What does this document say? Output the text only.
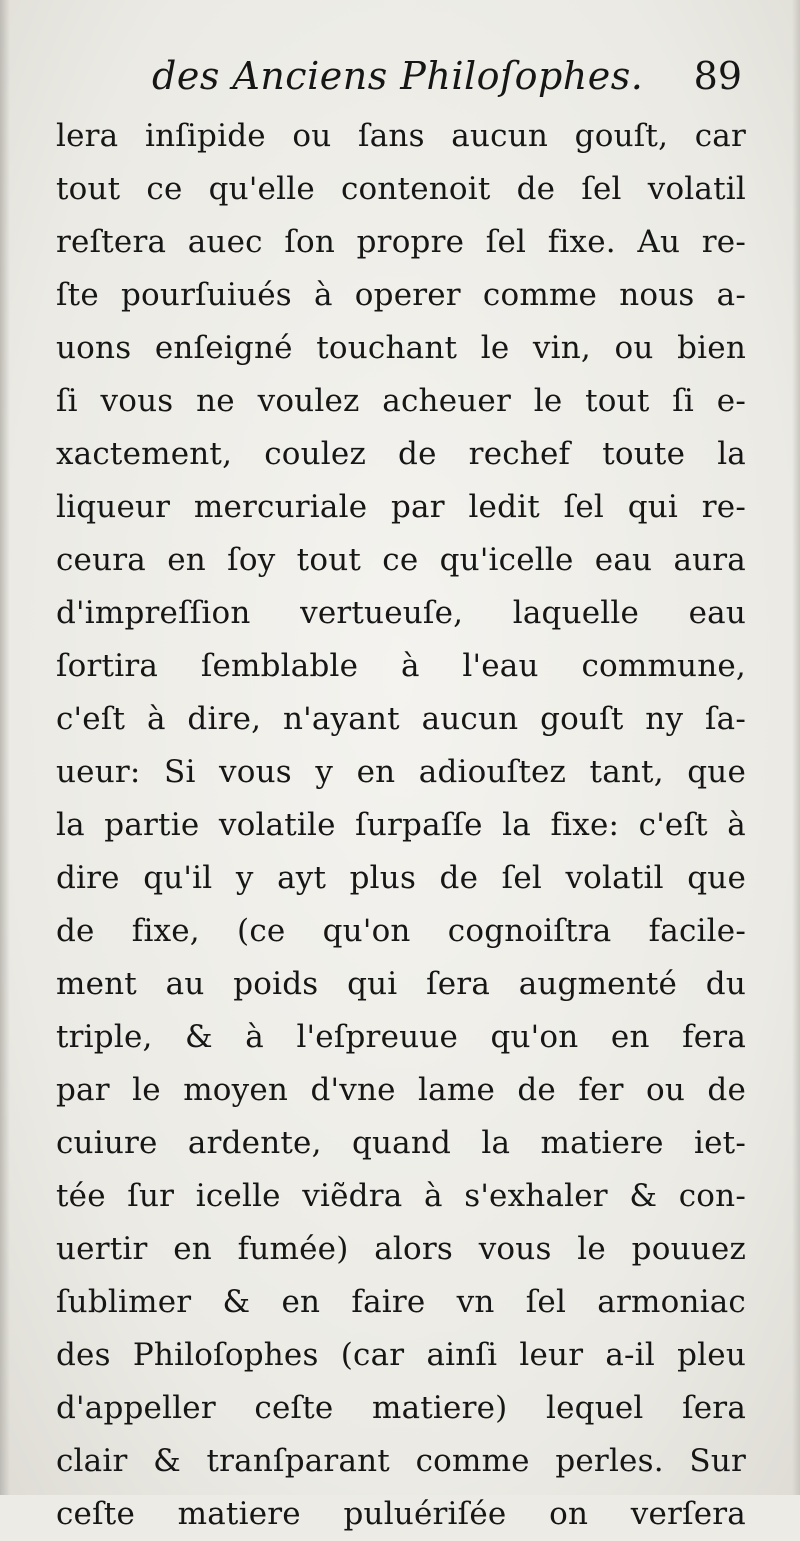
des Anciens Philoſophes. 89
lera inſipide ou ſans aucun gouſt, car
tout ce qu'elle contenoit de ſel volatil
reſtera auec ſon propre ſel fixe. Au re-
ſte pourſuiués à operer comme nous a-
uons enſeigné touchant le vin, ou bien
ſi vous ne voulez acheuer le tout ſi e-
xactement, coulez de rechef toute la
liqueur mercuriale par ledit ſel qui re-
ceura en ſoy tout ce qu'icelle eau aura
d'impreſſion vertueuſe, laquelle eau
ſortira ſemblable à l'eau commune,
c'eſt à dire, n'ayant aucun gouſt ny ſa-
ueur: Si vous y en adiouſtez tant, que
la partie volatile ſurpaſſe la fixe: c'eſt à
dire qu'il y ayt plus de ſel volatil que
de fixe, (ce qu'on cognoiſtra facile-
ment au poids qui ſera augmenté du
triple, & à l'eſpreuue qu'on en fera
par le moyen d'vne lame de fer ou de
cuiure ardente, quand la matiere iet-
tée ſur icelle viẽdra à s'exhaler & con-
uertir en fumée) alors vous le pouuez
ſublimer & en faire vn ſel armoniac
des Philoſophes (car ainſi leur a-il pleu
d'appeller ceſte matiere) lequel ſera
clair & tranſparant comme perles. Sur
ceſte matiere puluériſée on verſera
